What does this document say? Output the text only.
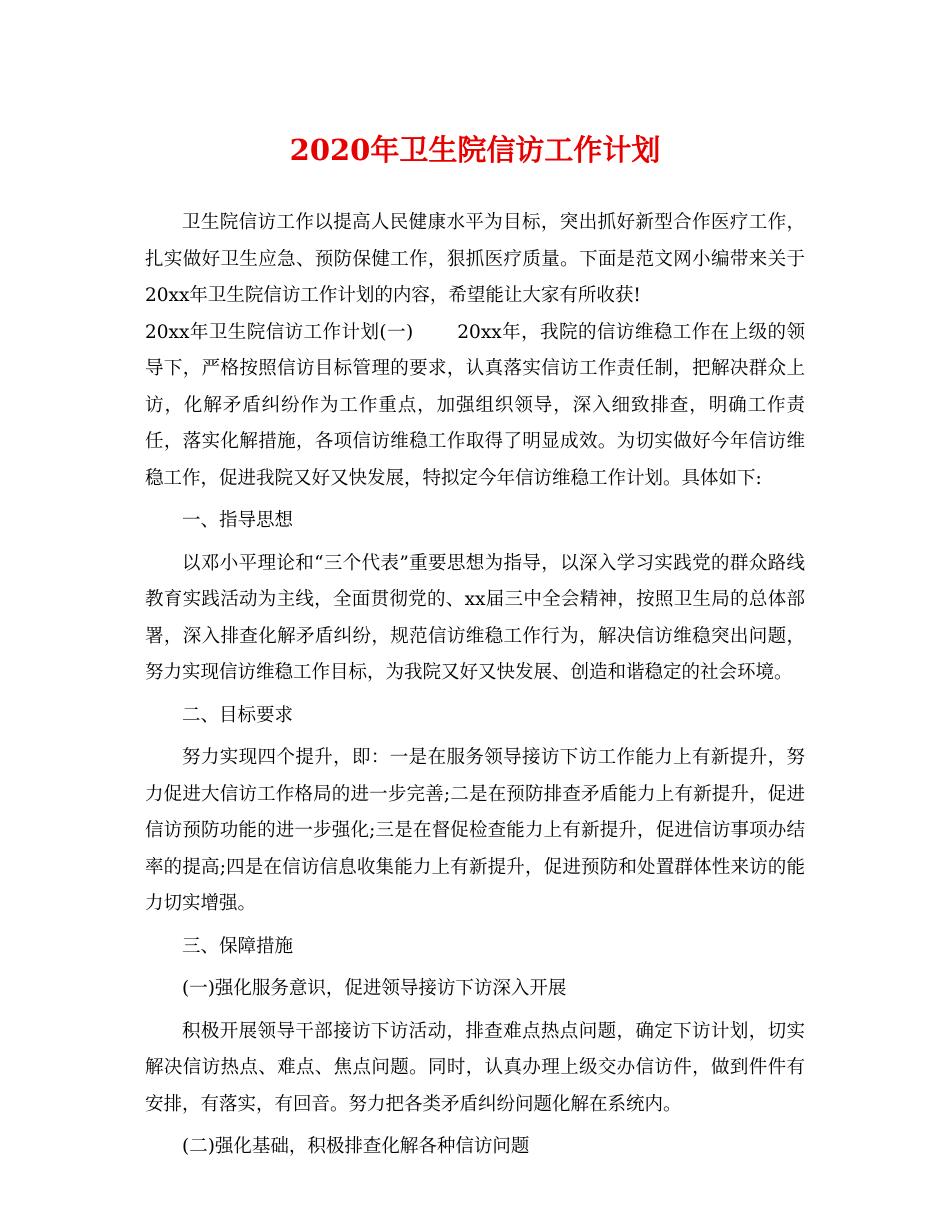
2020年卫生院信访工作计划

卫生院信访工作以提高人民健康水平为目标，突出抓好新型合作医疗工作，扎实做好卫生应急、预防保健工作，狠抓医疗质量。下面是范文网小编带来关于20xx年卫生院信访工作计划的内容，希望能让大家有所收获!

20xx年卫生院信访工作计划(一) 20xx年，我院的信访维稳工作在上级的领导下，严格按照信访目标管理的要求，认真落实信访工作责任制，把解决群众上访，化解矛盾纠纷作为工作重点，加强组织领导，深入细致排查，明确工作责任，落实化解措施，各项信访维稳工作取得了明显成效。为切实做好今年信访维稳工作，促进我院又好又快发展，特拟定今年信访维稳工作计划。具体如下:

一、指导思想

以邓小平理论和“三个代表”重要思想为指导，以深入学习实践党的群众路线教育实践活动为主线，全面贯彻党的、xx届三中全会精神，按照卫生局的总体部署，深入排查化解矛盾纠纷，规范信访维稳工作行为，解决信访维稳突出问题，努力实现信访维稳工作目标，为我院又好又快发展、创造和谐稳定的社会环境。

二、目标要求

努力实现四个提升，即：一是在服务领导接访下访工作能力上有新提升，努力促进大信访工作格局的进一步完善;二是在预防排查矛盾能力上有新提升，促进信访预防功能的进一步强化;三是在督促检查能力上有新提升，促进信访事项办结率的提高;四是在信访信息收集能力上有新提升，促进预防和处置群体性来访的能力切实增强。

三、保障措施

(一)强化服务意识，促进领导接访下访深入开展

积极开展领导干部接访下访活动，排查难点热点问题，确定下访计划，切实解决信访热点、难点、焦点问题。同时，认真办理上级交办信访件，做到件件有安排，有落实，有回音。努力把各类矛盾纠纷问题化解在系统内。

(二)强化基础，积极排查化解各种信访问题
